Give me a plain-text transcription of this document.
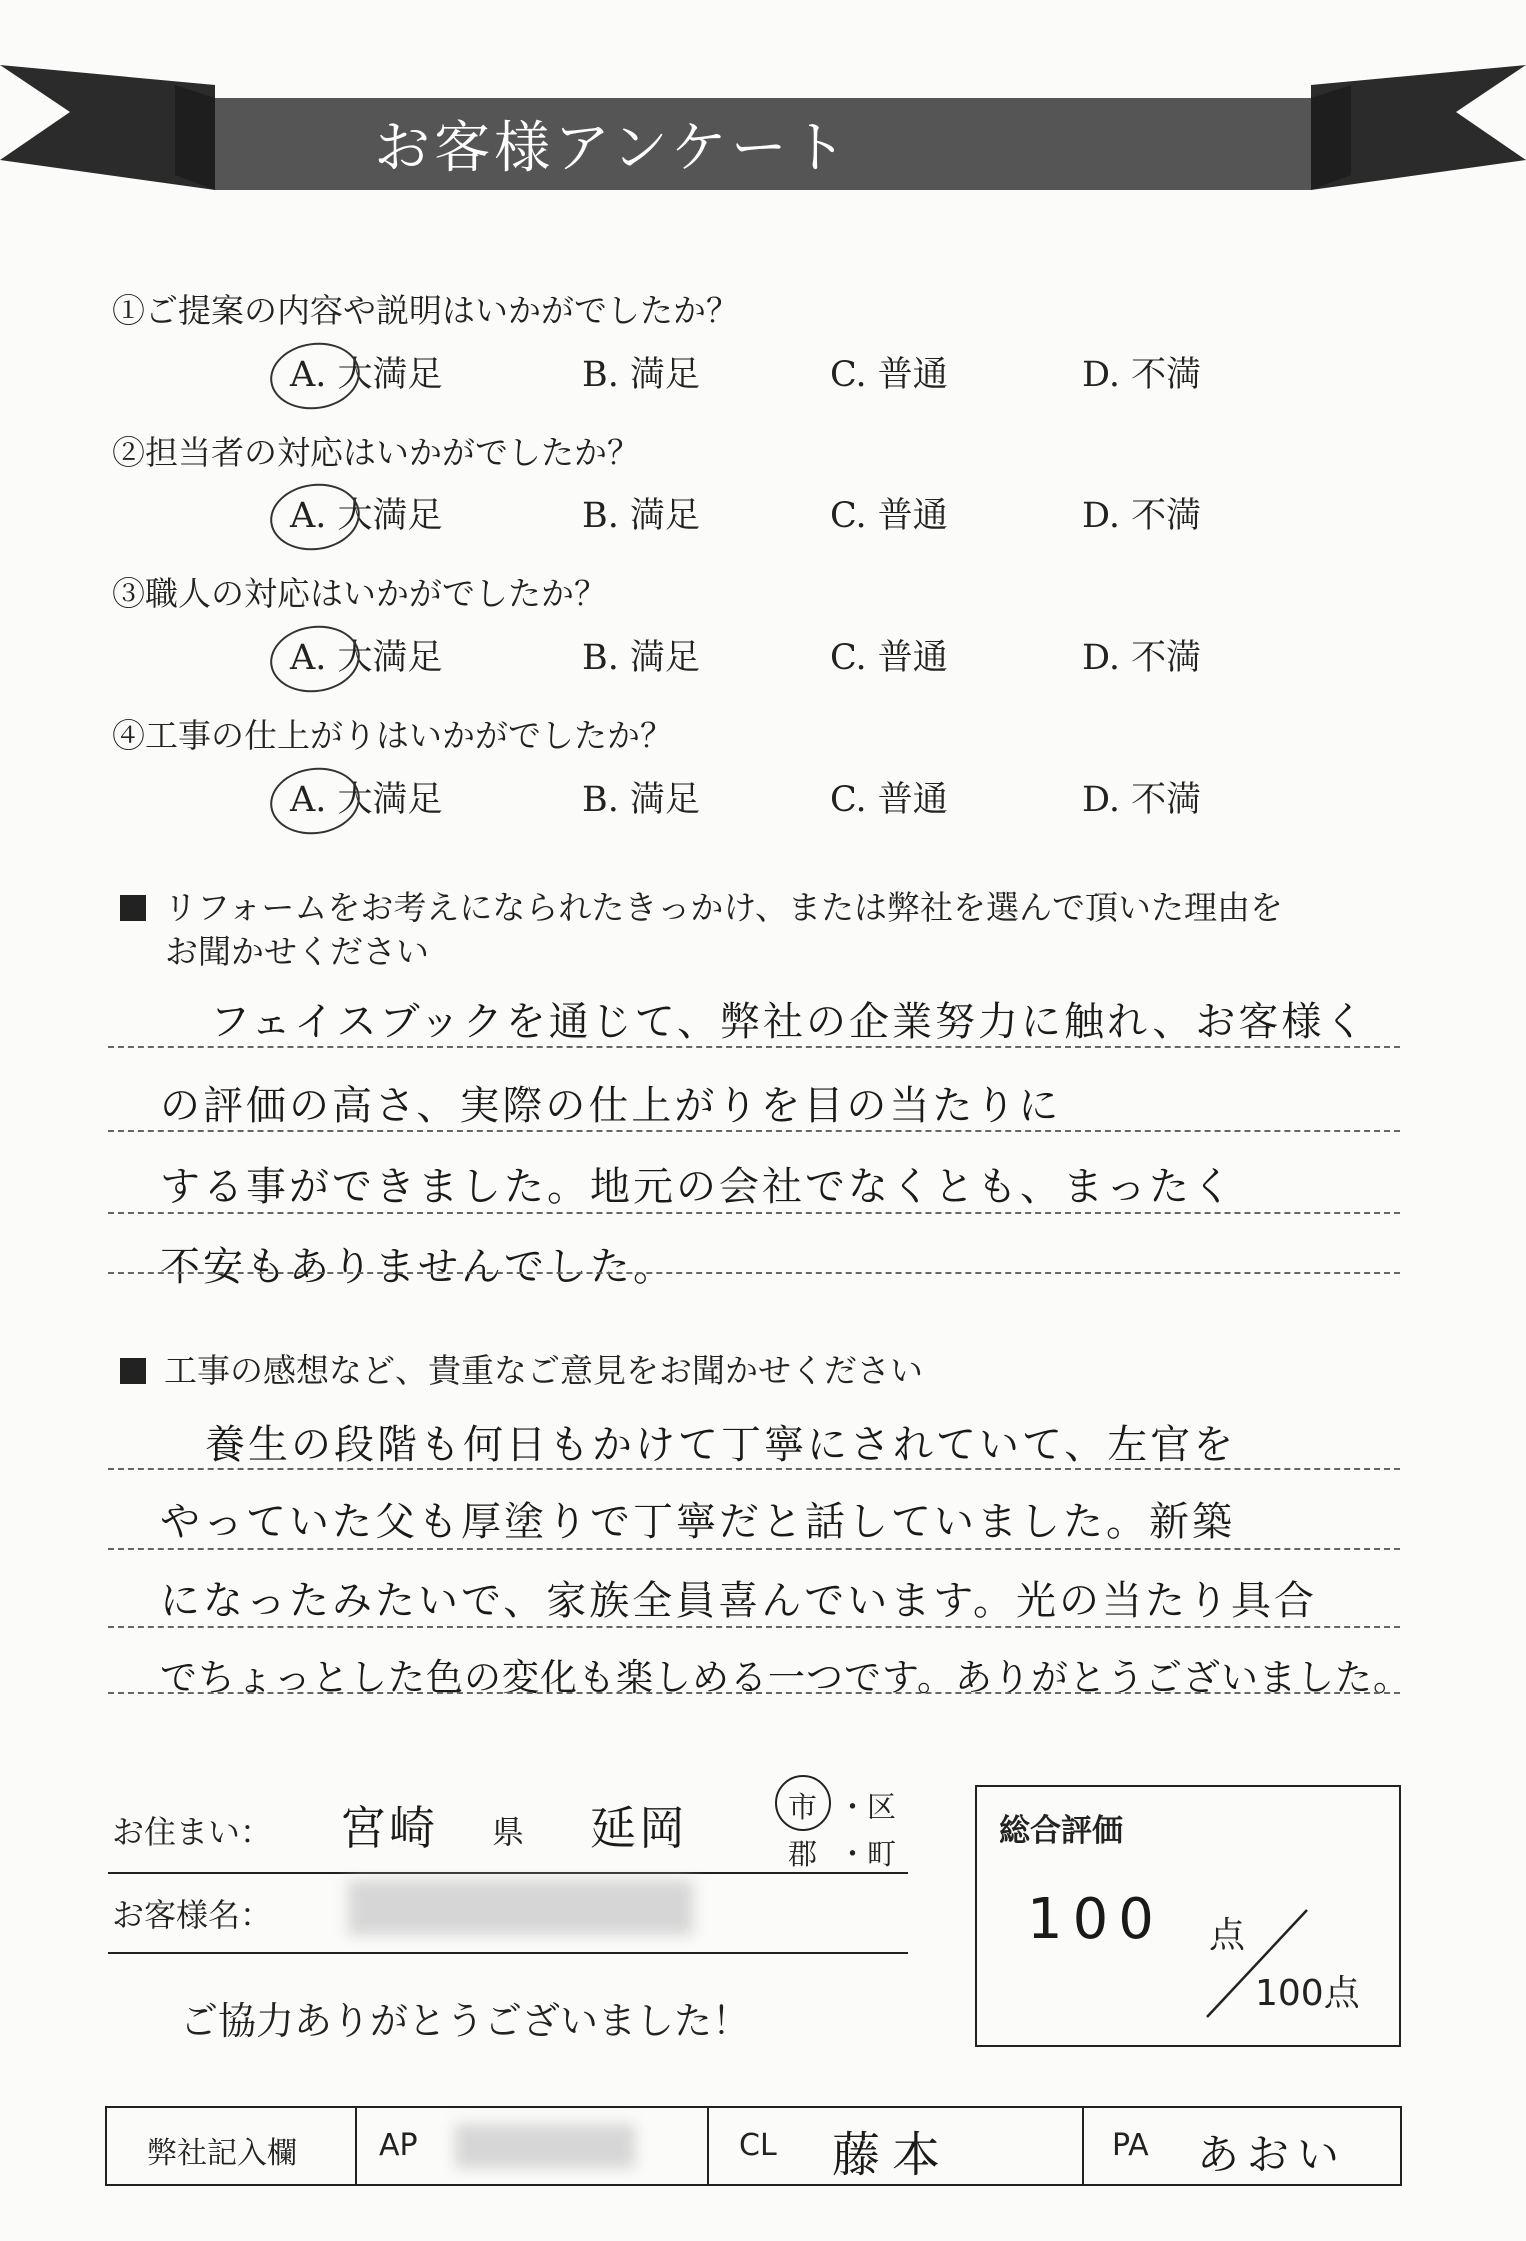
お客様アンケート
①ご提案の内容や説明はいかがでしたか？
A. 大満足	B. 満足	C. 普通	D. 不満
②担当者の対応はいかがでしたか？
A. 大満足	B. 満足	C. 普通	D. 不満
③職人の対応はいかがでしたか？
A. 大満足	B. 満足	C. 普通	D. 不満
④工事の仕上がりはいかがでしたか？
A. 大満足	B. 満足	C. 普通	D. 不満
リフォームをお考えになられたきっかけ、または弊社を選んで頂いた理由を
お聞かせください
フェイスブックを通じて、弊社の企業努力に触れ、お客様く
の評価の高さ、実際の仕上がりを目の当たりに
する事ができました。地元の会社でなくとも、まったく
不安もありませんでした。
工事の感想など、貴重なご意見をお聞かせください
養生の段階も何日もかけて丁寧にされていて、左官を
やっていた父も厚塗りで丁寧だと話していました。新築
になったみたいで、家族全員喜んでいます。光の当たり具合
でちょっとした色の変化も楽しめる一つです。ありがとうございました。
お住まい： 宮崎 県 延岡	市 ・区
郡 ・町
お客様名：
ご協力ありがとうございました！
総合評価
100 点
100点
弊社記入欄	AP	CL 藤本	PA あおい
